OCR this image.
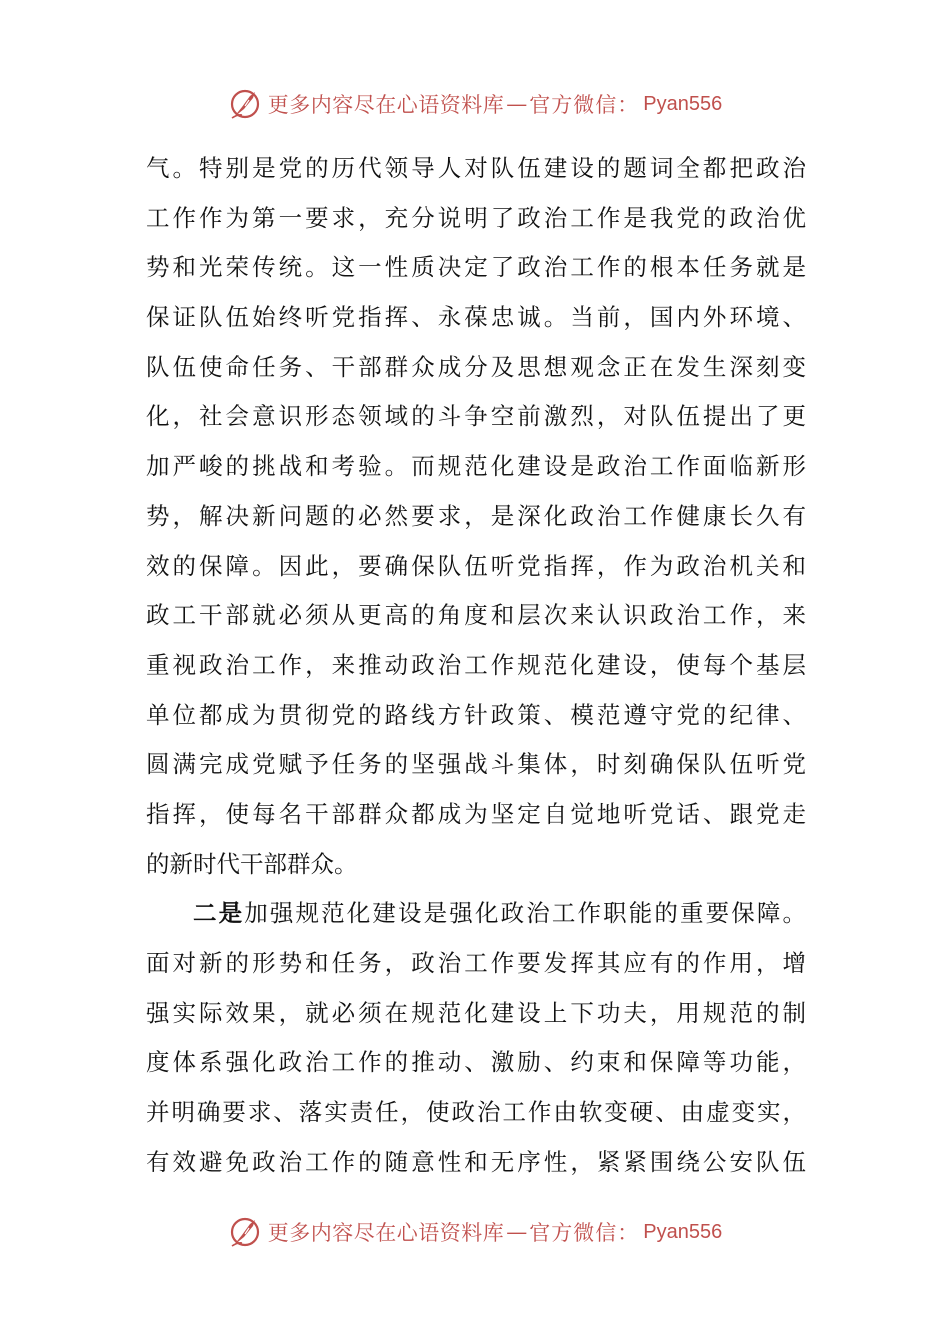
更多内容尽在心语资料库 — 官方微信： Pyan556
气。特别是党的历代领导人对队伍建设的题词全都把政治
工作作为第一要求，充分说明了政治工作是我党的政治优
势和光荣传统。这一性质决定了政治工作的根本任务就是
保证队伍始终听党指挥、永葆忠诚。当前，国内外环境、
队伍使命任务、干部群众成分及思想观念正在发生深刻变
化，社会意识形态领域的斗争空前激烈，对队伍提出了更
加严峻的挑战和考验。而规范化建设是政治工作面临新形
势，解决新问题的必然要求，是深化政治工作健康长久有
效的保障。因此，要确保队伍听党指挥，作为政治机关和
政工干部就必须从更高的角度和层次来认识政治工作，来
重视政治工作，来推动政治工作规范化建设，使每个基层
单位都成为贯彻党的路线方针政策、模范遵守党的纪律、
圆满完成党赋予任务的坚强战斗集体，时刻确保队伍听党
指挥，使每名干部群众都成为坚定自觉地听党话、跟党走
的新时代干部群众。
二是加强规范化建设是强化政治工作职能的重要保障。
面对新的形势和任务，政治工作要发挥其应有的作用，增
强实际效果，就必须在规范化建设上下功夫，用规范的制
度体系强化政治工作的推动、激励、约束和保障等功能，
并明确要求、落实责任，使政治工作由软变硬、由虚变实，
有效避免政治工作的随意性和无序性，紧紧围绕公安队伍
更多内容尽在心语资料库 — 官方微信： Pyan556
